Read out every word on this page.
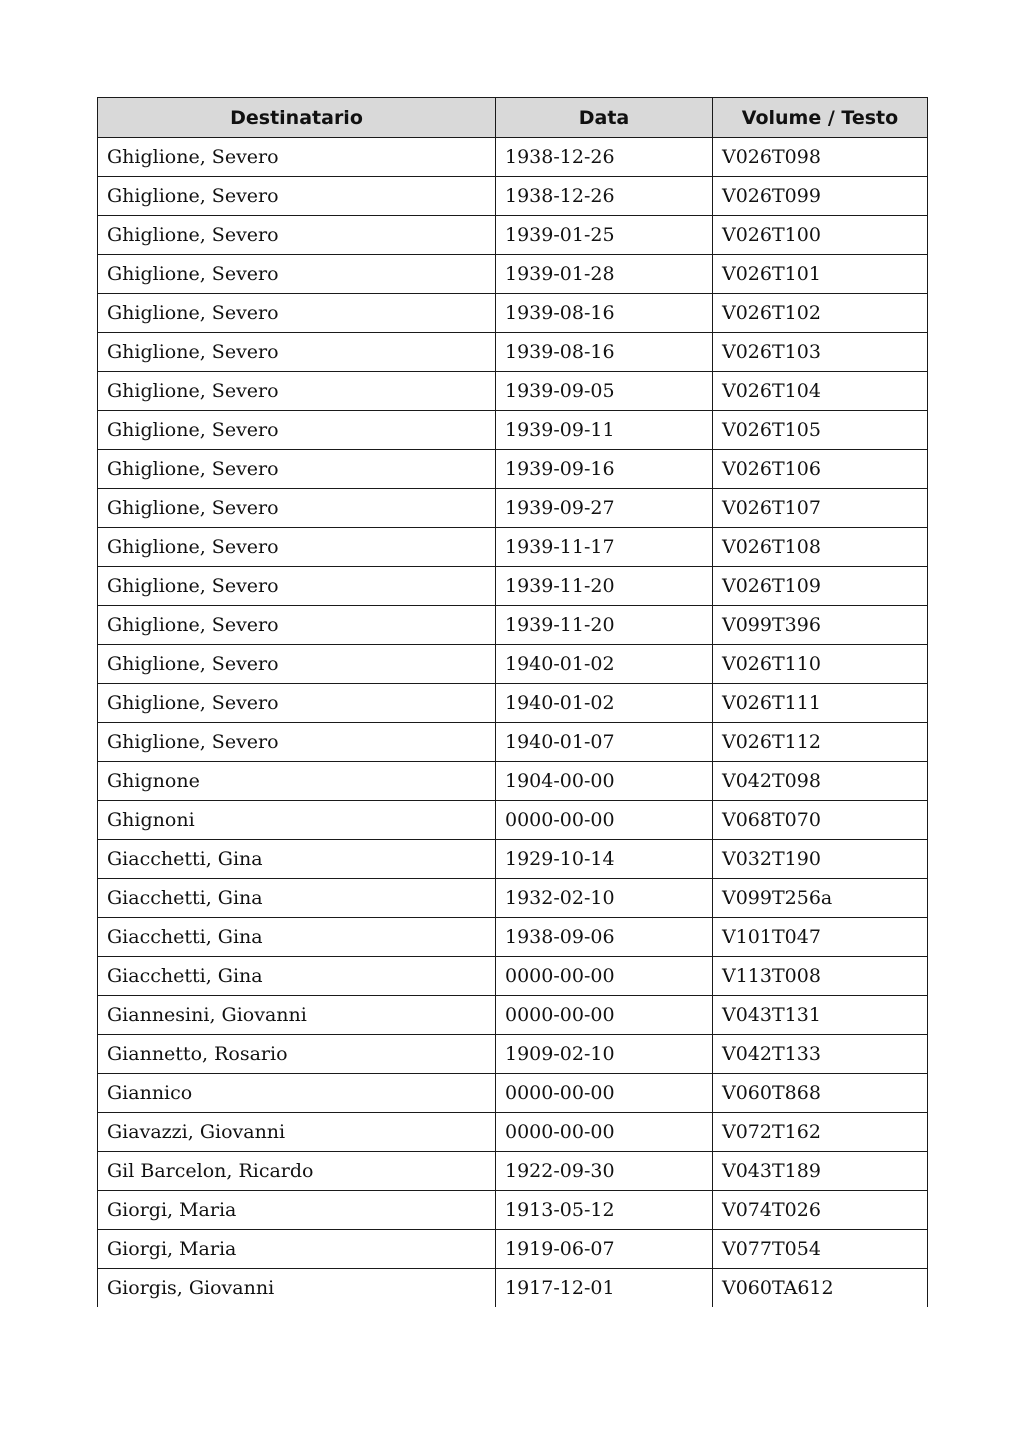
Destinatario	Data	Volume / Testo
Ghiglione, Severo	1938-12-26	V026T098
Ghiglione, Severo	1938-12-26	V026T099
Ghiglione, Severo	1939-01-25	V026T100
Ghiglione, Severo	1939-01-28	V026T101
Ghiglione, Severo	1939-08-16	V026T102
Ghiglione, Severo	1939-08-16	V026T103
Ghiglione, Severo	1939-09-05	V026T104
Ghiglione, Severo	1939-09-11	V026T105
Ghiglione, Severo	1939-09-16	V026T106
Ghiglione, Severo	1939-09-27	V026T107
Ghiglione, Severo	1939-11-17	V026T108
Ghiglione, Severo	1939-11-20	V026T109
Ghiglione, Severo	1939-11-20	V099T396
Ghiglione, Severo	1940-01-02	V026T110
Ghiglione, Severo	1940-01-02	V026T111
Ghiglione, Severo	1940-01-07	V026T112
Ghignone	1904-00-00	V042T098
Ghignoni	0000-00-00	V068T070
Giacchetti, Gina	1929-10-14	V032T190
Giacchetti, Gina	1932-02-10	V099T256a
Giacchetti, Gina	1938-09-06	V101T047
Giacchetti, Gina	0000-00-00	V113T008
Giannesini, Giovanni	0000-00-00	V043T131
Giannetto, Rosario	1909-02-10	V042T133
Giannico	0000-00-00	V060T868
Giavazzi, Giovanni	0000-00-00	V072T162
Gil Barcelon, Ricardo	1922-09-30	V043T189
Giorgi, Maria	1913-05-12	V074T026
Giorgi, Maria	1919-06-07	V077T054
Giorgis, Giovanni	1917-12-01	V060TA612
